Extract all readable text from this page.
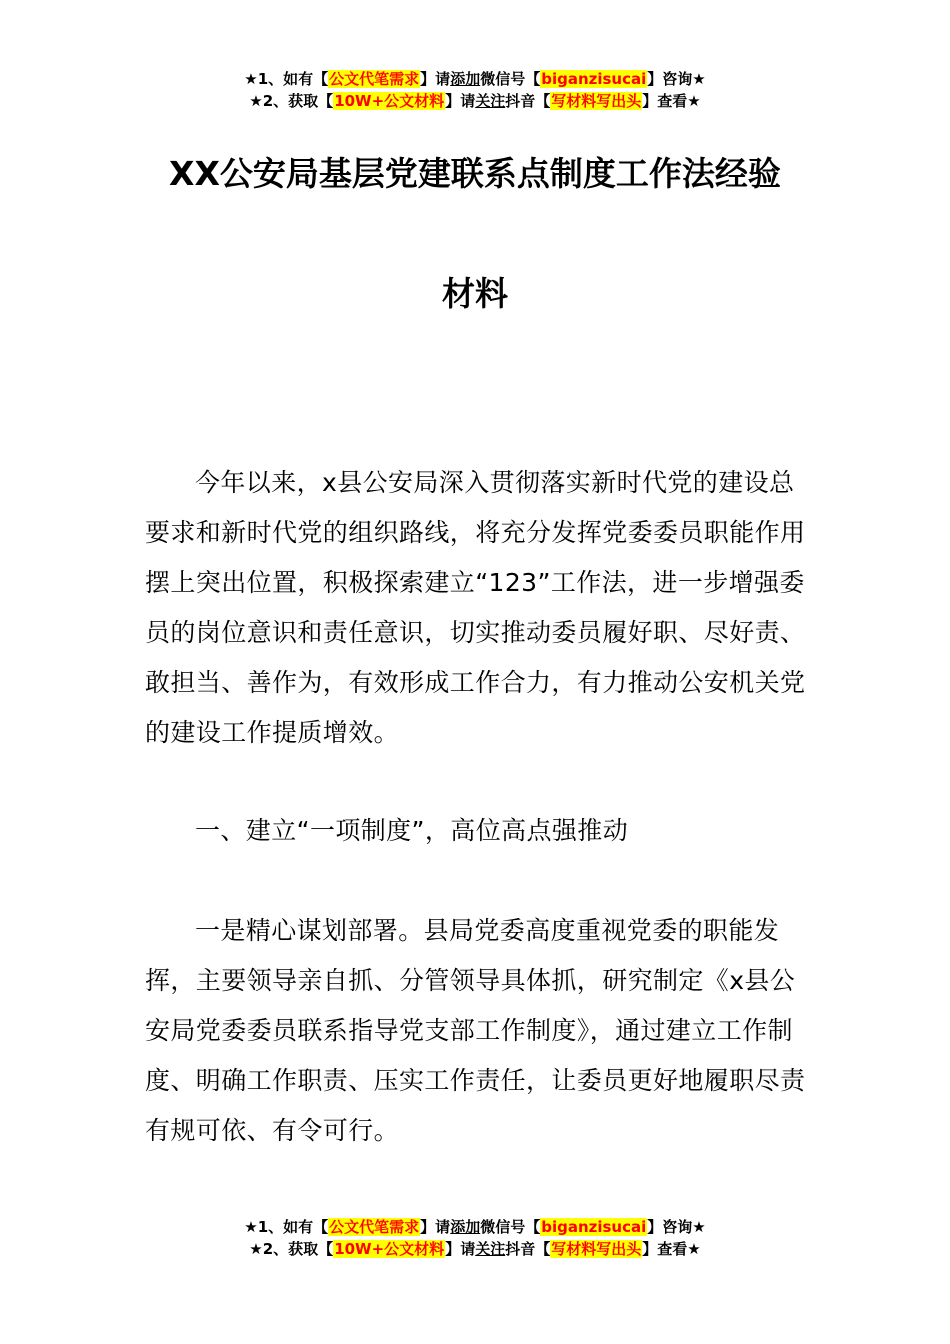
★1、如有【公文代笔需求】请添加微信号【biganzisucai】咨询★
★2、获取【10W+公文材料】请关注抖音【写材料写出头】查看★
XX公安局基层党建联系点制度工作法经验
材料

今年以来，x县公安局深入贯彻落实新时代党的建设总要求和新时代党的组织路线，将充分发挥党委委员职能作用摆上突出位置，积极探索建立“123”工作法，进一步增强委员的岗位意识和责任意识，切实推动委员履好职、尽好责、敢担当、善作为，有效形成工作合力，有力推动公安机关党的建设工作提质增效。

一、建立“一项制度”，高位高点强推动

一是精心谋划部署。县局党委高度重视党委的职能发挥，主要领导亲自抓、分管领导具体抓，研究制定《x县公安局党委委员联系指导党支部工作制度》，通过建立工作制度、明确工作职责、压实工作责任，让委员更好地履职尽责有规可依、有令可行。

★1、如有【公文代笔需求】请添加微信号【biganzisucai】咨询★
★2、获取【10W+公文材料】请关注抖音【写材料写出头】查看★
